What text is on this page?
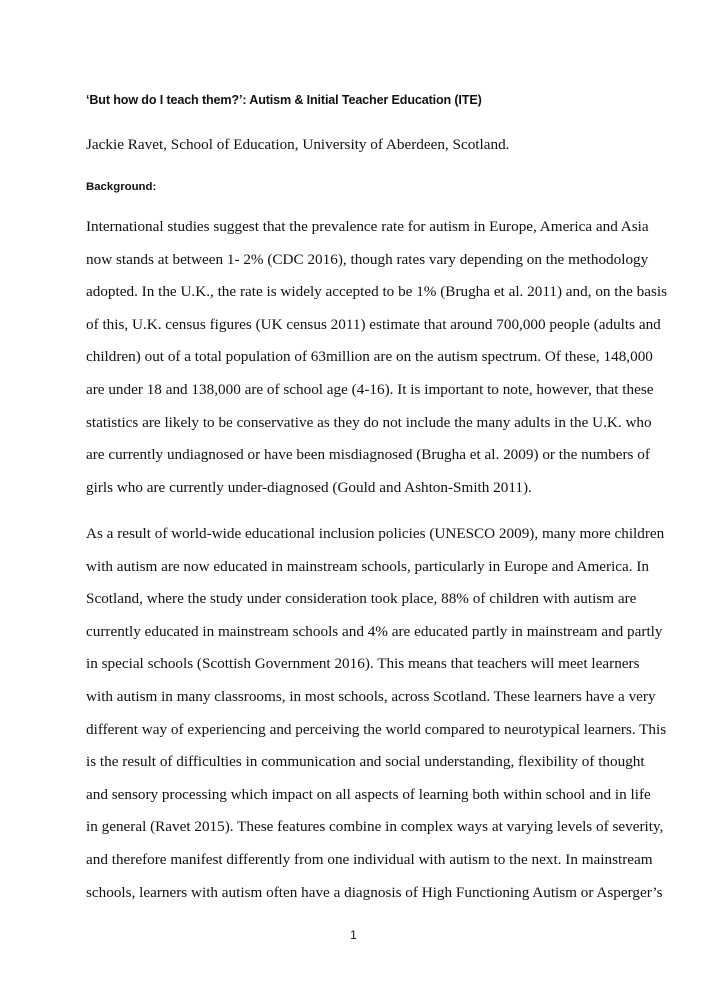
‘But how do I teach them?’: Autism & Initial Teacher Education (ITE)
Jackie Ravet, School of Education, University of Aberdeen, Scotland.
Background:
International studies suggest that the prevalence rate for autism in Europe, America and Asia
now stands at between 1- 2% (CDC 2016), though rates vary depending on the methodology
adopted. In the U.K., the rate is widely accepted to be 1% (Brugha et al. 2011) and, on the basis
of this, U.K. census figures (UK census 2011) estimate that around 700,000 people (adults and
children) out of a total population of 63million are on the autism spectrum. Of these, 148,000
are under 18 and 138,000 are of school age (4-16). It is important to note, however, that these
statistics are likely to be conservative as they do not include the many adults in the U.K. who
are currently undiagnosed or have been misdiagnosed (Brugha et al. 2009) or the numbers of
girls who are currently under-diagnosed (Gould and Ashton-Smith 2011).
As a result of world-wide educational inclusion policies (UNESCO 2009), many more children
with autism are now educated in mainstream schools, particularly in Europe and America. In
Scotland, where the study under consideration took place, 88% of children with autism are
currently educated in mainstream schools and 4% are educated partly in mainstream and partly
in special schools (Scottish Government 2016). This means that teachers will meet learners
with autism in many classrooms, in most schools, across Scotland. These learners have a very
different way of experiencing and perceiving the world compared to neurotypical learners. This
is the result of difficulties in communication and social understanding, flexibility of thought
and sensory processing which impact on all aspects of learning both within school and in life
in general (Ravet 2015). These features combine in complex ways at varying levels of severity,
and therefore manifest differently from one individual with autism to the next. In mainstream
schools, learners with autism often have a diagnosis of High Functioning Autism or Asperger’s
1
